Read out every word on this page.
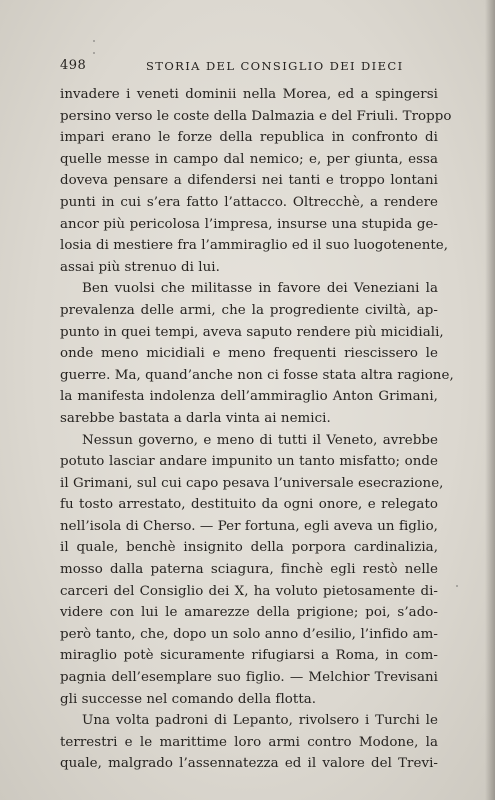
498	STORIA DEL CONSIGLIO DEI DIECI
invadere i veneti dominii nella Morea, ed a spingersi
persino verso le coste della Dalmazia e del Friuli. Troppo
impari erano le forze della republica in confronto di
quelle messe in campo dal nemico; e, per giunta, essa
doveva pensare a difendersi nei tanti e troppo lontani
punti in cui s’era fatto l’attacco. Oltrecchè, a rendere
ancor più pericolosa l’impresa, insurse una stupida ge-
losia di mestiere fra l’ammiraglio ed il suo luogotenente,
assai più strenuo di lui.
Ben vuolsi che militasse in favore dei Veneziani la
prevalenza delle armi, che la progrediente civiltà, ap-
punto in quei tempi, aveva saputo rendere più micidiali,
onde meno micidiali e meno frequenti riescissero le
guerre. Ma, quand’anche non ci fosse stata altra ragione,
la manifesta indolenza dell’ammiraglio Anton Grimani,
sarebbe bastata a darla vinta ai nemici.
Nessun governo, e meno di tutti il Veneto, avrebbe
potuto lasciar andare impunito un tanto misfatto; onde
il Grimani, sul cui capo pesava l’universale esecrazione,
fu tosto arrestato, destituito da ogni onore, e relegato
nell’isola di Cherso. — Per fortuna, egli aveva un figlio,
il quale, benchè insignito della porpora cardinalizia,
mosso dalla paterna sciagura, finchè egli restò nelle
carceri del Consiglio dei X, ha voluto pietosamente di-
videre con lui le amarezze della prigione; poi, s’ado-
però tanto, che, dopo un solo anno d’esilio, l’infido am-
miraglio potè sicuramente rifugiarsi a Roma, in com-
pagnia dell’esemplare suo figlio. — Melchior Trevisani
gli successe nel comando della flotta.
Una volta padroni di Lepanto, rivolsero i Turchi le
terrestri e le marittime loro armi contro Modone, la
quale, malgrado l’assennatezza ed il valore del Trevi-
